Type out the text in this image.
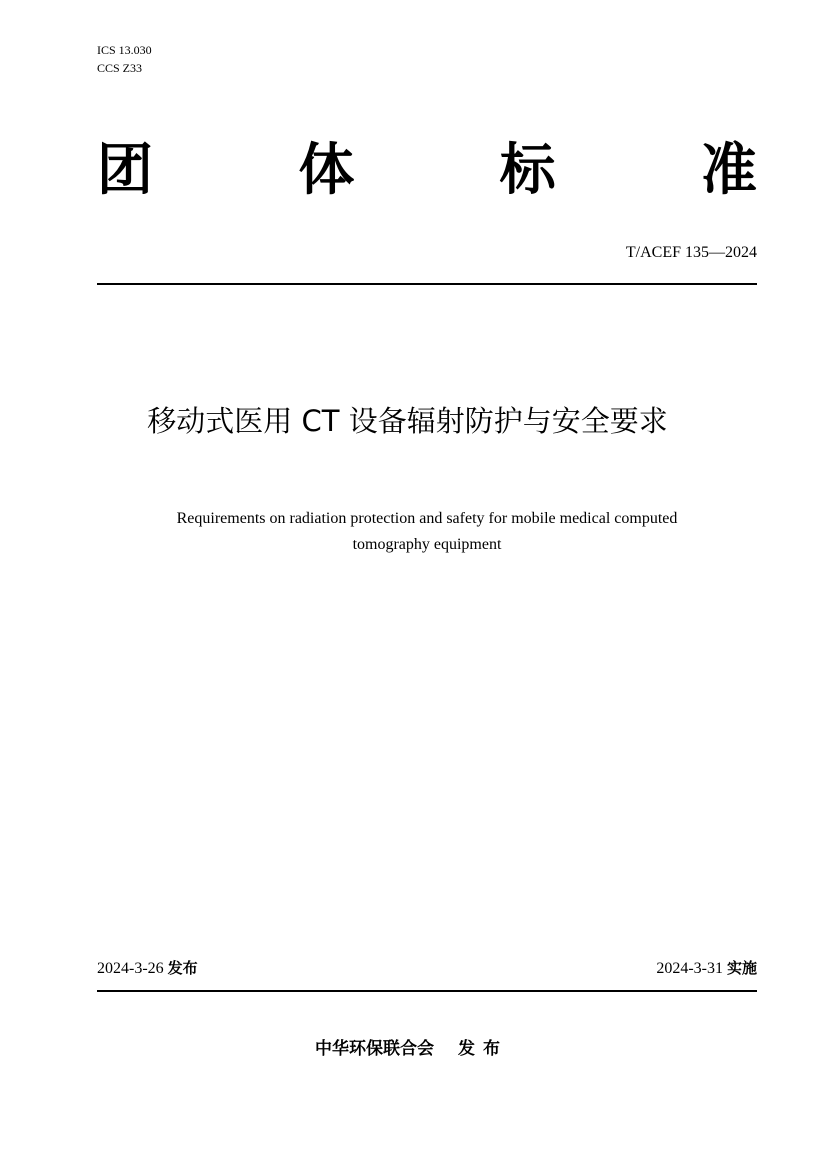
ICS 13.030
CCS Z33
团	体	标	准
T/ACEF 135—2024
移动式医用 CT 设备辐射防护与安全要求
Requirements on radiation protection and safety for mobile medical computed
tomography equipment
2024-3-26 发布	2024-3-31 实施
中华环保联合会 发 布
